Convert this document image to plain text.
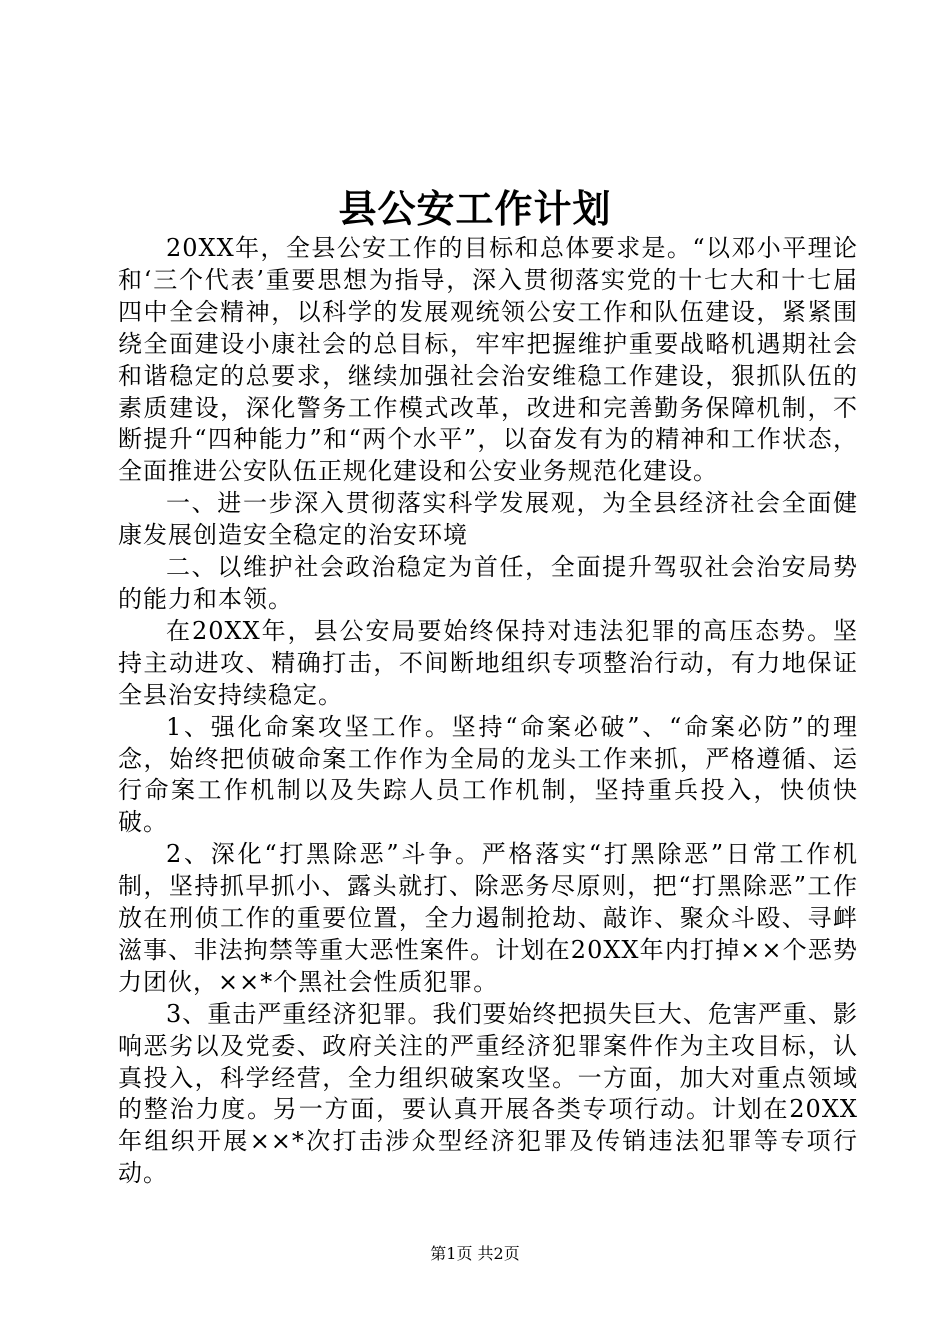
县公安工作计划

20XX年，全县公安工作的目标和总体要求是。“以邓小平理论和‘三个代表’重要思想为指导，深入贯彻落实党的十七大和十七届四中全会精神，以科学的发展观统领公安工作和队伍建设，紧紧围绕全面建设小康社会的总目标，牢牢把握维护重要战略机遇期社会和谐稳定的总要求，继续加强社会治安维稳工作建设，狠抓队伍的素质建设，深化警务工作模式改革，改进和完善勤务保障机制，不断提升“四种能力”和“两个水平”，以奋发有为的精神和工作状态，全面推进公安队伍正规化建设和公安业务规范化建设。

一、进一步深入贯彻落实科学发展观，为全县经济社会全面健康发展创造安全稳定的治安环境

二、以维护社会政治稳定为首任，全面提升驾驭社会治安局势的能力和本领。

在20XX年，县公安局要始终保持对违法犯罪的高压态势。坚持主动进攻、精确打击，不间断地组织专项整治行动，有力地保证全县治安持续稳定。

1、强化命案攻坚工作。坚持“命案必破”、“命案必防”的理念，始终把侦破命案工作作为全局的龙头工作来抓，严格遵循、运行命案工作机制以及失踪人员工作机制，坚持重兵投入，快侦快破。

2、深化“打黑除恶”斗争。严格落实“打黑除恶”日常工作机制，坚持抓早抓小、露头就打、除恶务尽原则，把“打黑除恶”工作放在刑侦工作的重要位置，全力遏制抢劫、敲诈、聚众斗殴、寻衅滋事、非法拘禁等重大恶性案件。计划在20XX年内打掉××个恶势力团伙，××*个黑社会性质犯罪。

3、重击严重经济犯罪。我们要始终把损失巨大、危害严重、影响恶劣以及党委、政府关注的严重经济犯罪案件作为主攻目标，认真投入，科学经营，全力组织破案攻坚。一方面，加大对重点领域的整治力度。另一方面，要认真开展各类专项行动。计划在20XX年组织开展××*次打击涉众型经济犯罪及传销违法犯罪等专项行动。

第1页 共2页
